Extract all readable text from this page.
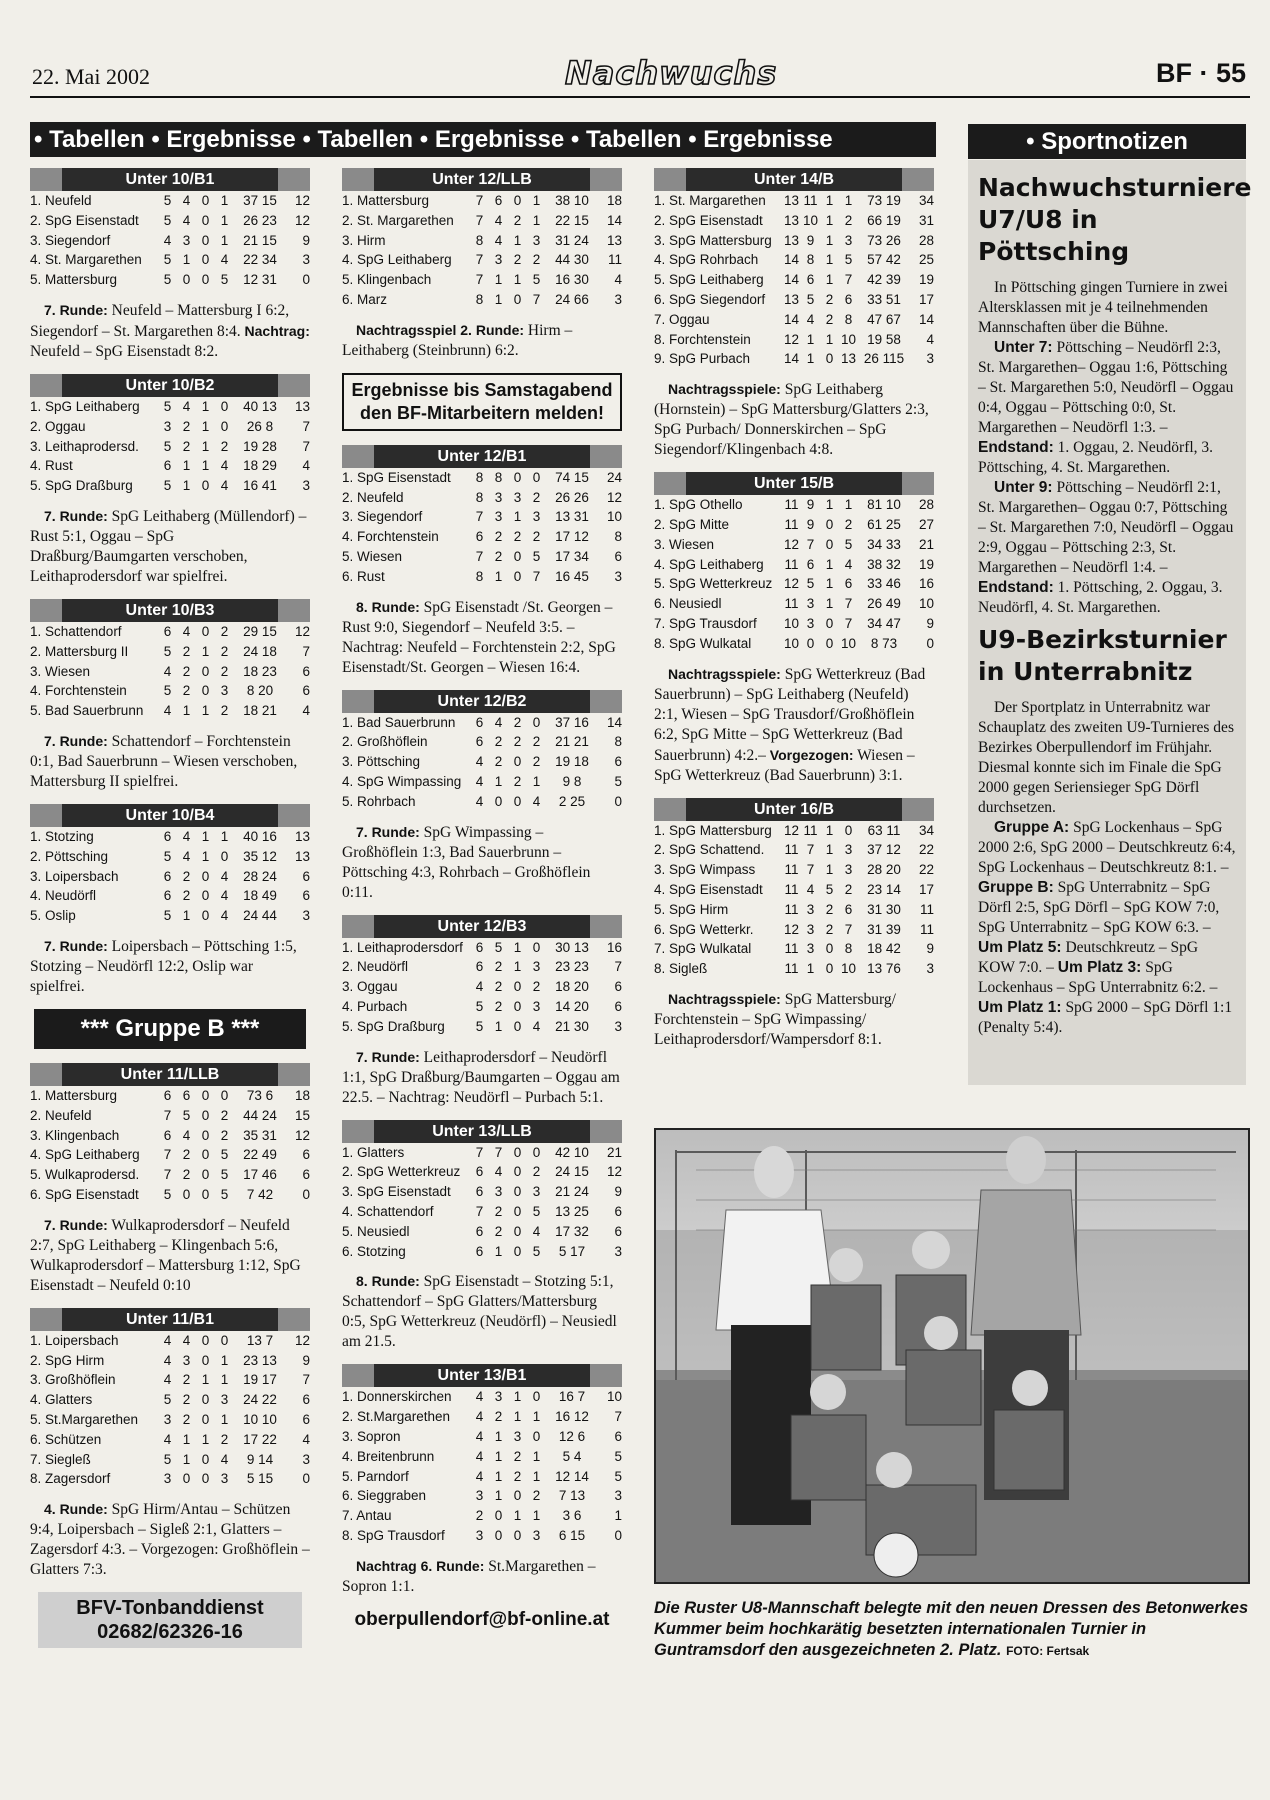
22. Mai 2002	Nachwuchs	BF · 55
• Tabellen • Ergebnisse • Tabellen • Ergebnisse • Tabellen • Ergebnisse	• Sportnotizen
Unter 10/B1
1. Neufeld	5 4 0 1	37 15	12
2. SpG Eisenstadt	5 4 0 1	26 23	12
3. Siegendorf	4 3 0 1	21 15	9
4. St. Margarethen	5 1 0 4	22 34	3
5. Mattersburg	5 0 0 5	12 31	0

7. Runde: Neufeld – Mattersburg I 6:2, Siegendorf – St. Margarethen 8:4. Nachtrag: Neufeld – SpG Eisenstadt 8:2.

Unter 10/B2
1. SpG Leithaberg	5 4 1 0	40 13	13
2. Oggau	3 2 1 0	26 8	7
3. Leithaprodersd.	5 2 1 2	19 28	7
4. Rust	6 1 1 4	18 29	4
5. SpG Draßburg	5 1 0 4	16 41	3

7. Runde: SpG Leithaberg (Müllendorf) – Rust 5:1, Oggau – SpG Draßburg/Baumgarten verschoben, Leithaprodersdorf war spielfrei.

Unter 10/B3
1. Schattendorf	6 4 0 2	29 15	12
2. Mattersburg II	5 2 1 2	24 18	7
3. Wiesen	4 2 0 2	18 23	6
4. Forchtenstein	5 2 0 3	8 20	6
5. Bad Sauerbrunn	4 1 1 2	18 21	4

7. Runde: Schattendorf – Forchtenstein 0:1, Bad Sauerbrunn – Wiesen verschoben, Mattersburg II spielfrei.

Unter 10/B4
1. Stotzing	6 4 1 1	40 16	13
2. Pöttsching	5 4 1 0	35 12	13
3. Loipersbach	6 2 0 4	28 24	6
4. Neudörfl	6 2 0 4	18 49	6
5. Oslip	5 1 0 4	24 44	3

7. Runde: Loipersbach – Pöttsching 1:5, Stotzing – Neudörfl 12:2, Oslip war spielfrei.

*** Gruppe B ***
Unter 11/LLB
1. Mattersburg	6 6 0 0	73 6	18
2. Neufeld	7 5 0 2	44 24	15
3. Klingenbach	6 4 0 2	35 31	12
4. SpG Leithaberg	7 2 0 5	22 49	6
5. Wulkaprodersd.	7 2 0 5	17 46	6
6. SpG Eisenstadt	5 0 0 5	7 42	0

7. Runde: Wulkaprodersdorf – Neufeld 2:7, SpG Leithaberg – Klingenbach 5:6, Wulkaprodersdorf – Mattersburg 1:12, SpG Eisenstadt – Neufeld 0:10

Unter 11/B1
1. Loipersbach	4 4 0 0	13 7	12
2. SpG Hirm	4 3 0 1	23 13	9
3. Großhöflein	4 2 1 1	19 17	7
4. Glatters	5 2 0 3	24 22	6
5. St.Margarethen	3 2 0 1	10 10	6
6. Schützen	4 1 1 2	17 22	4
7. Siegleß	5 1 0 4	9 14	3
8. Zagersdorf	3 0 0 3	5 15	0

4. Runde: SpG Hirm/Antau – Schützen 9:4, Loipersbach – Sigleß 2:1, Glatters – Zagersdorf 4:3. – Vorgezogen: Großhöflein – Glatters 7:3.

BFV-Tonbanddienst
02682/62326-16
Unter 12/LLB
1. Mattersburg	7 6 0 1	38 10	18
2. St. Margarethen	7 4 2 1	22 15	14
3. Hirm	8 4 1 3	31 24	13
4. SpG Leithaberg	7 3 2 2	44 30	11
5. Klingenbach	7 1 1 5	16 30	4
6. Marz	8 1 0 7	24 66	3

Nachtragsspiel 2. Runde: Hirm – Leithaberg (Steinbrunn) 6:2.

Ergebnisse bis Samstagabend den BF-Mitarbeitern melden!
Unter 12/B1
1. SpG Eisenstadt	8 8 0 0	74 15	24
2. Neufeld	8 3 3 2	26 26	12
3. Siegendorf	7 3 1 3	13 31	10
4. Forchtenstein	6 2 2 2	17 12	8
5. Wiesen	7 2 0 5	17 34	6
6. Rust	8 1 0 7	16 45	3

8. Runde: SpG Eisenstadt /St. Georgen – Rust 9:0, Siegendorf – Neufeld 3:5. – Nachtrag: Neufeld – Forchtenstein 2:2, SpG Eisenstadt/St. Georgen – Wiesen 16:4.

Unter 12/B2
1. Bad Sauerbrunn	6 4 2 0	37 16	14
2. Großhöflein	6 2 2 2	21 21	8
3. Pöttsching	4 2 0 2	19 18	6
4. SpG Wimpassing	4 1 2 1	9 8	5
5. Rohrbach	4 0 0 4	2 25	0

7. Runde: SpG Wimpassing – Großhöflein 1:3, Bad Sauerbrunn – Pöttsching 4:3, Rohrbach – Großhöflein 0:11.

Unter 12/B3
1. Leithaprodersdorf 6 5 1 0	30 13	16
2. Neudörfl	6 2 1 3	23 23	7
3. Oggau	4 2 0 2	18 20	6
4. Purbach	5 2 0 3	14 20	6
5. SpG Draßburg	5 1 0 4	21 30	3

7. Runde: Leithaprodersdorf – Neudörfl 1:1, SpG Draßburg/Baumgarten – Oggau am 22.5. – Nachtrag: Neudörfl – Purbach 5:1.

Unter 13/LLB
1. Glatters	7 7 0 0	42 10	21
2. SpG Wetterkreuz	6 4 0 2	24 15	12
3. SpG Eisenstadt	6 3 0 3	21 24	9
4. Schattendorf	7 2 0 5	13 25	6
5. Neusiedl	6 2 0 4	17 32	6
6. Stotzing	6 1 0 5	5 17	3

8. Runde: SpG Eisenstadt – Stotzing 5:1, Schattendorf – SpG Glatters/Mattersburg 0:5, SpG Wetterkreuz (Neudörfl) – Neusiedl am 21.5.

Unter 13/B1
1. Donnerskirchen	4 3 1 0	16 7	10
2. St.Margarethen	4 2 1 1	16 12	7
3. Sopron	4 1 3 0	12 6	6
4. Breitenbrunn	4 1 2 1	5 4	5
5. Parndorf	4 1 2 1	12 14	5
6. Sieggraben	3 1 0 2	7 13	3
7. Antau	2 0 1 1	3 6	1
8. SpG Trausdorf	3 0 0 3	6 15	0

Nachtrag 6. Runde: St.Margarethen – Sopron 1:1.

oberpullendorf@bf-online.at
Unter 14/B
1. St. Margarethen	13 11 1 1	73 19	34
2. SpG Eisenstadt	13 10 1 2	66 19	31
3. SpG Mattersburg 13 9 1 3	73 26	28
4. SpG Rohrbach	14 8 1 5	57 42	25
5. SpG Leithaberg	14 6 1 7	42 39	19
6. SpG Siegendorf	13 5 2 6	33 51	17
7. Oggau	14 4 2 8	47 67	14
8. Forchtenstein	12 1 1 10 19 58	4
9. SpG Purbach	14 1 0 13 26 115	3

Nachtragsspiele: SpG Leithaberg (Hornstein) – SpG Mattersburg/Glatters 2:3, SpG Purbach/ Donnerskirchen – SpG Siegendorf/Klingenbach 4:8.

Unter 15/B
1. SpG Othello	11 9 1 1	81 10	28
2. SpG Mitte	11 9 0 2	61 25	27
3. Wiesen	12 7 0 5	34 33	21
4. SpG Leithaberg	11 6 1 4	38 32	19
5. SpG Wetterkreuz 12 5 1 6	33 46	16
6. Neusiedl	11 3 1 7	26 49	10
7. SpG Trausdorf	10 3 0 7	34 47	9
8. SpG Wulkatal	10 0 0 10	8 73	0

Nachtragsspiele: SpG Wetterkreuz (Bad Sauerbrunn) – SpG Leithaberg (Neufeld) 2:1, Wiesen – SpG Trausdorf/Großhöflein 6:2, SpG Mitte – SpG Wetterkreuz (Bad Sauerbrunn) 4:2.– Vorgezogen: Wiesen – SpG Wetterkreuz (Bad Sauerbrunn) 3:1.

Unter 16/B
1. SpG Mattersburg 12 11 1 0	63 11	34
2. SpG Schattend.	11 7 1 3	37 12	22
3. SpG Wimpass	11 7 1 3	28 20	22
4. SpG Eisenstadt	11 4 5 2	23 14	17
5. SpG Hirm	11 3 2 6	31 30	11
6. SpG Wetterkr.	12 3 2 7	31 39	11
7. SpG Wulkatal	11 3 0 8	18 42	9
8. Sigleß	11 1 0 10 13 76	3

Nachtragsspiele: SpG Mattersburg/ Forchtenstein – SpG Wimpassing/ Leithaprodersdorf/Wampersdorf 8:1.

Nachwuchsturniere U7/U8 in Pöttsching

In Pöttsching gingen Turniere in zwei Altersklassen mit je 4 teilnehmenden Mannschaften über die Bühne.

Unter 7: Pöttsching – Neudörfl 2:3, St. Margarethen– Oggau 1:6, Pöttsching – St. Margarethen 5:0, Neudörfl – Oggau 0:4, Oggau – Pöttsching 0:0, St. Margarethen – Neudörfl 1:3. – Endstand: 1. Oggau, 2. Neudörfl, 3. Pöttsching, 4. St. Margarethen.

Unter 9: Pöttsching – Neudörfl 2:1, St. Margarethen– Oggau 0:7, Pöttsching – St. Margarethen 7:0, Neudörfl – Oggau 2:9, Oggau – Pöttsching 2:3, St. Margarethen – Neudörfl 1:4. – Endstand: 1. Pöttsching, 2. Oggau, 3. Neudörfl, 4. St. Margarethen.

U9-Bezirksturnier in Unterrabnitz

Der Sportplatz in Unterrabnitz war Schauplatz des zweiten U9-Turnieres des Bezirkes Oberpullendorf im Frühjahr. Diesmal konnte sich im Finale die SpG 2000 gegen Seriensieger SpG Dörfl durchsetzen.

Gruppe A: SpG Lockenhaus – SpG 2000 2:6, SpG 2000 – Deutschkreutz 6:4, SpG Lockenhaus – Deutschkreutz 8:1. – Gruppe B: SpG Unterrabnitz – SpG Dörfl 2:5, SpG Dörfl – SpG KOW 7:0, SpG Unterrabnitz – SpG KOW 6:3. – Um Platz 5: Deutschkreutz – SpG KOW 7:0. – Um Platz 3: SpG Lockenhaus – SpG Unterrabnitz 6:2. – Um Platz 1: SpG 2000 – SpG Dörfl 1:1 (Penalty 5:4).

Die Ruster U8-Mannschaft belegte mit den neuen Dressen des Betonwerkes Kummer beim hochkarätig besetzten internationalen Turnier in Guntramsdorf den ausgezeichneten 2. Platz. FOTO: Fertsak
